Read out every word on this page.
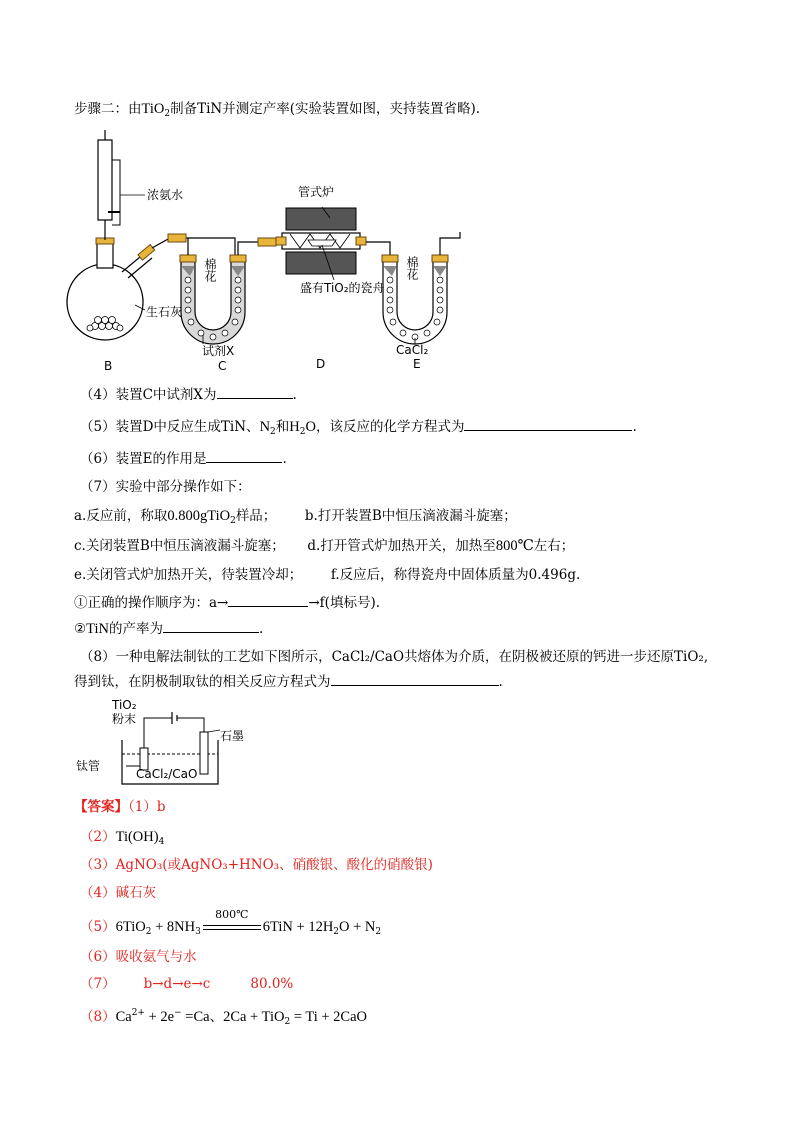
步骤二：由TiO$_2$制备TiN并测定产率(实验装置如图，夹持装置省略).
浓氨水
生石灰
棉花
试剂X
管式炉
盛有TiO₂的瓷舟
棉花
CaCl₂
B	C	D	E
（4）装置C中试剂X为	.
（5）装置D中反应生成TiN、$N_2$和$H_2O$，该反应的化学方程式为	.
（6）装置E的作用是	.
（7）实验中部分操作如下：
a.反应前，称取0.800gTiO$_2$样品； b.打开装置B中恒压滴液漏斗旋塞；
c.关闭装置B中恒压滴液漏斗旋塞； d.打开管式炉加热开关，加热至800℃左右；
e.关闭管式炉加热开关，待装置冷却； f.反应后，称得瓷舟中固体质量为0.496g.
①正确的操作顺序为：a→	→f(填标号).
②TiN的产率为	.
（8）一种电解法制钛的工艺如下图所示，CaCl₂/CaO共熔体为介质，在阴极被还原的钙进一步还原TiO₂,
得到钛，在阴极制取钛的相关反应方程式为	.
TiO₂
粉末
石墨
钛管
CaCl₂/CaO
【答案】（1）b
$(2)Ti(OH)_4$
（3）AgNO₃(或AgNO₃+HNO₃、硝酸银、酸化的硝酸银)
（4）碱石灰
$(5)6TiO_2 + 8NH_3$
800℃
$6TiN + 12H_2O + N_2$
（6）吸收氨气与水
（7） b→d→e→c	80.0%
$(8)Ca^{2+} + 2e^- =Ca$、2Ca + TiO$_2$ = Ti + 2CaO
